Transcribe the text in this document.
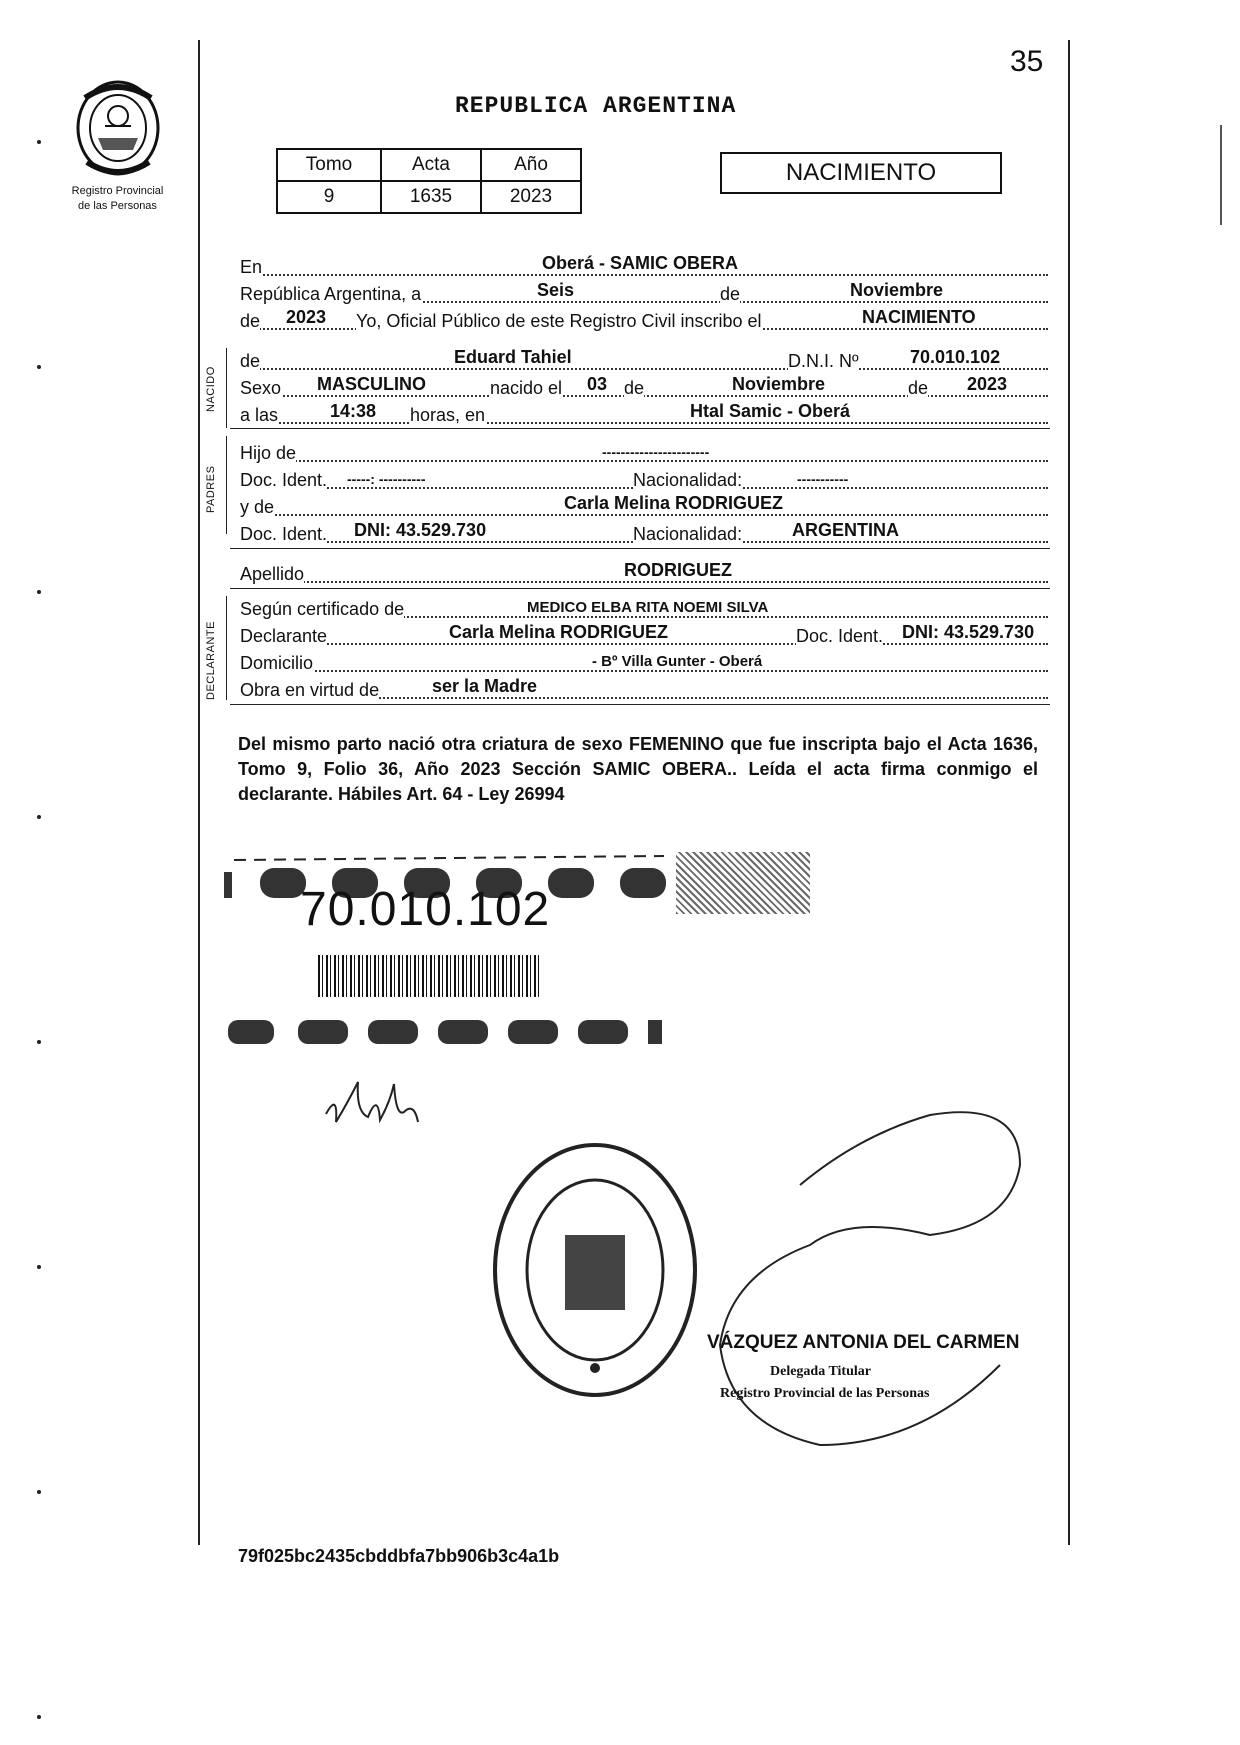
Registro Provincial
de las Personas
35
REPUBLICA ARGENTINA
Tomo	Acta	Año
9	1635	2023
NACIMIENTO
En	Oberá - SAMIC OBERA
República Argentina, a	Seis	de	Noviembre
de 2023 Yo, Oficial Público de este Registro Civil inscribo el	NACIMIENTO
NACIDO
de	Eduard Tahiel	D.N.I. Nº	70.010.102
Sexo MASCULINO	nacido el 03 de	Noviembre	de 2023
a las	14:38 horas, en	Htal Samic - Oberá
PADRES
Hijo de	-----------------------
Doc. Ident. -----: ----------	Nacionalidad:	-----------
y de	Carla Melina RODRIGUEZ
Doc. Ident. DNI: 43.529.730	Nacionalidad:	ARGENTINA
Apellido	RODRIGUEZ
DECLARANTE
Según certificado de	MEDICO ELBA RITA NOEMI SILVA
Declarante	Carla Melina RODRIGUEZ	Doc. Ident. DNI: 43.529.730
Domicilio	- Bº Villa Gunter - Oberá
Obra en virtud de	ser la Madre
Del mismo parto nació otra criatura de sexo FEMENINO que fue inscripta bajo el Acta 1636, Tomo 9, Folio 36, Año 2023 Sección SAMIC OBERA.. Leída el acta firma conmigo el declarante. Hábiles Art. 64 - Ley 26994
70.010.102
VÁZQUEZ ANTONIA DEL CARMEN
Delegada Titular
Registro Provincial de las Personas
79f025bc2435cbddbfa7bb906b3c4a1b
